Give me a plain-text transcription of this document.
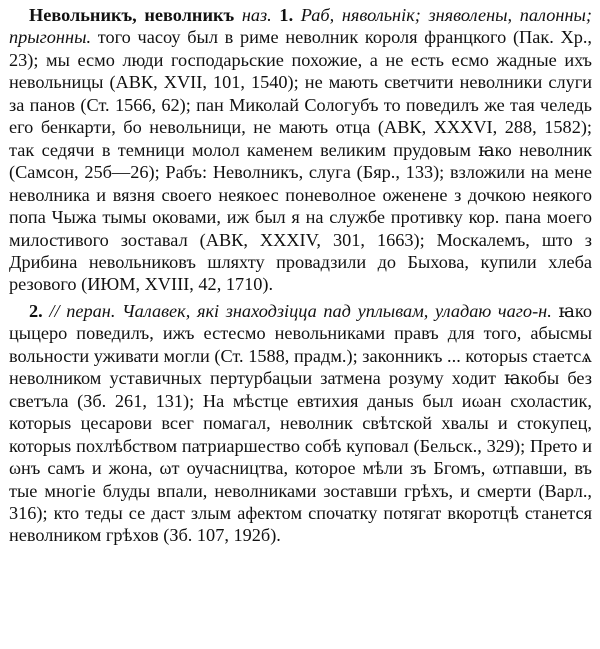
Невольникъ, неволникъ наз. 1. Раб, нявольнік; зняволены, палонны; прыгонны. того часоу был в риме неволник короля францкого (Пак. Хр., 23); мы есмо люди господарьские похожие, а не есть есмо жадные ихъ невольницы (АВК, XVII, 101, 1540); не мають светчити неволники слуги за панов (Ст. 1566, 62); пан Миколай Сологубъ то поведилъ же тая челедь его бенкарти, бо невольници, не мають отца (АВК, XXXVI, 288, 1582); так седячи в темници молол каменем великим прудовым ꙗко неволник (Самсон, 25б—26); Рабъ: Неволникъ, слуга (Бяр., 133); взложили на мене неволника и вязня своего неякоес поневолное оженене з дочкою неякого попа Чыжа тымы оковами, иж был я на службе противку кор. пана моего милостивого зоставал (АВК, XXXIV, 301, 1663); Москалемъ, што з Дрибина невольниковъ шляхту провадзили до Быхова, купили хлеба резового (ИЮМ, XVIII, 42, 1710).

2. // перан. Чалавек, які знаходзіцца пад уплывам, уладаю чаго-н. ꙗко цыцеро поведилъ, ижъ естесмо невольниками правъ для того, абысмы вольности уживати могли (Ст. 1588, прадм.); законникъ ... которыs стаетсѧ неволником уставичных пертурбацыи затмена розуму ходит ꙗкобы без светъла (Зб. 261, 131); На мѣстце евтихия даныs был иωан схоластик, которыs цесарови всег помагал, неволник свѣтской хвалы и стокупец, которыs похлѣбством патриаршество собѣ куповал (Бельск., 329); Прето и ωнъ самъ и жона, ωт оучасництва, которое мѣли зъ Бгомъ, ωтпавши, въ тые многіе блуды впали, неволниками зоставши грѣхъ, и смерти (Варл., 316); кто теды се даст злым афектом спочатку потягат вкоротцѣ станется неволником грѣхов (Зб. 107, 192б).
